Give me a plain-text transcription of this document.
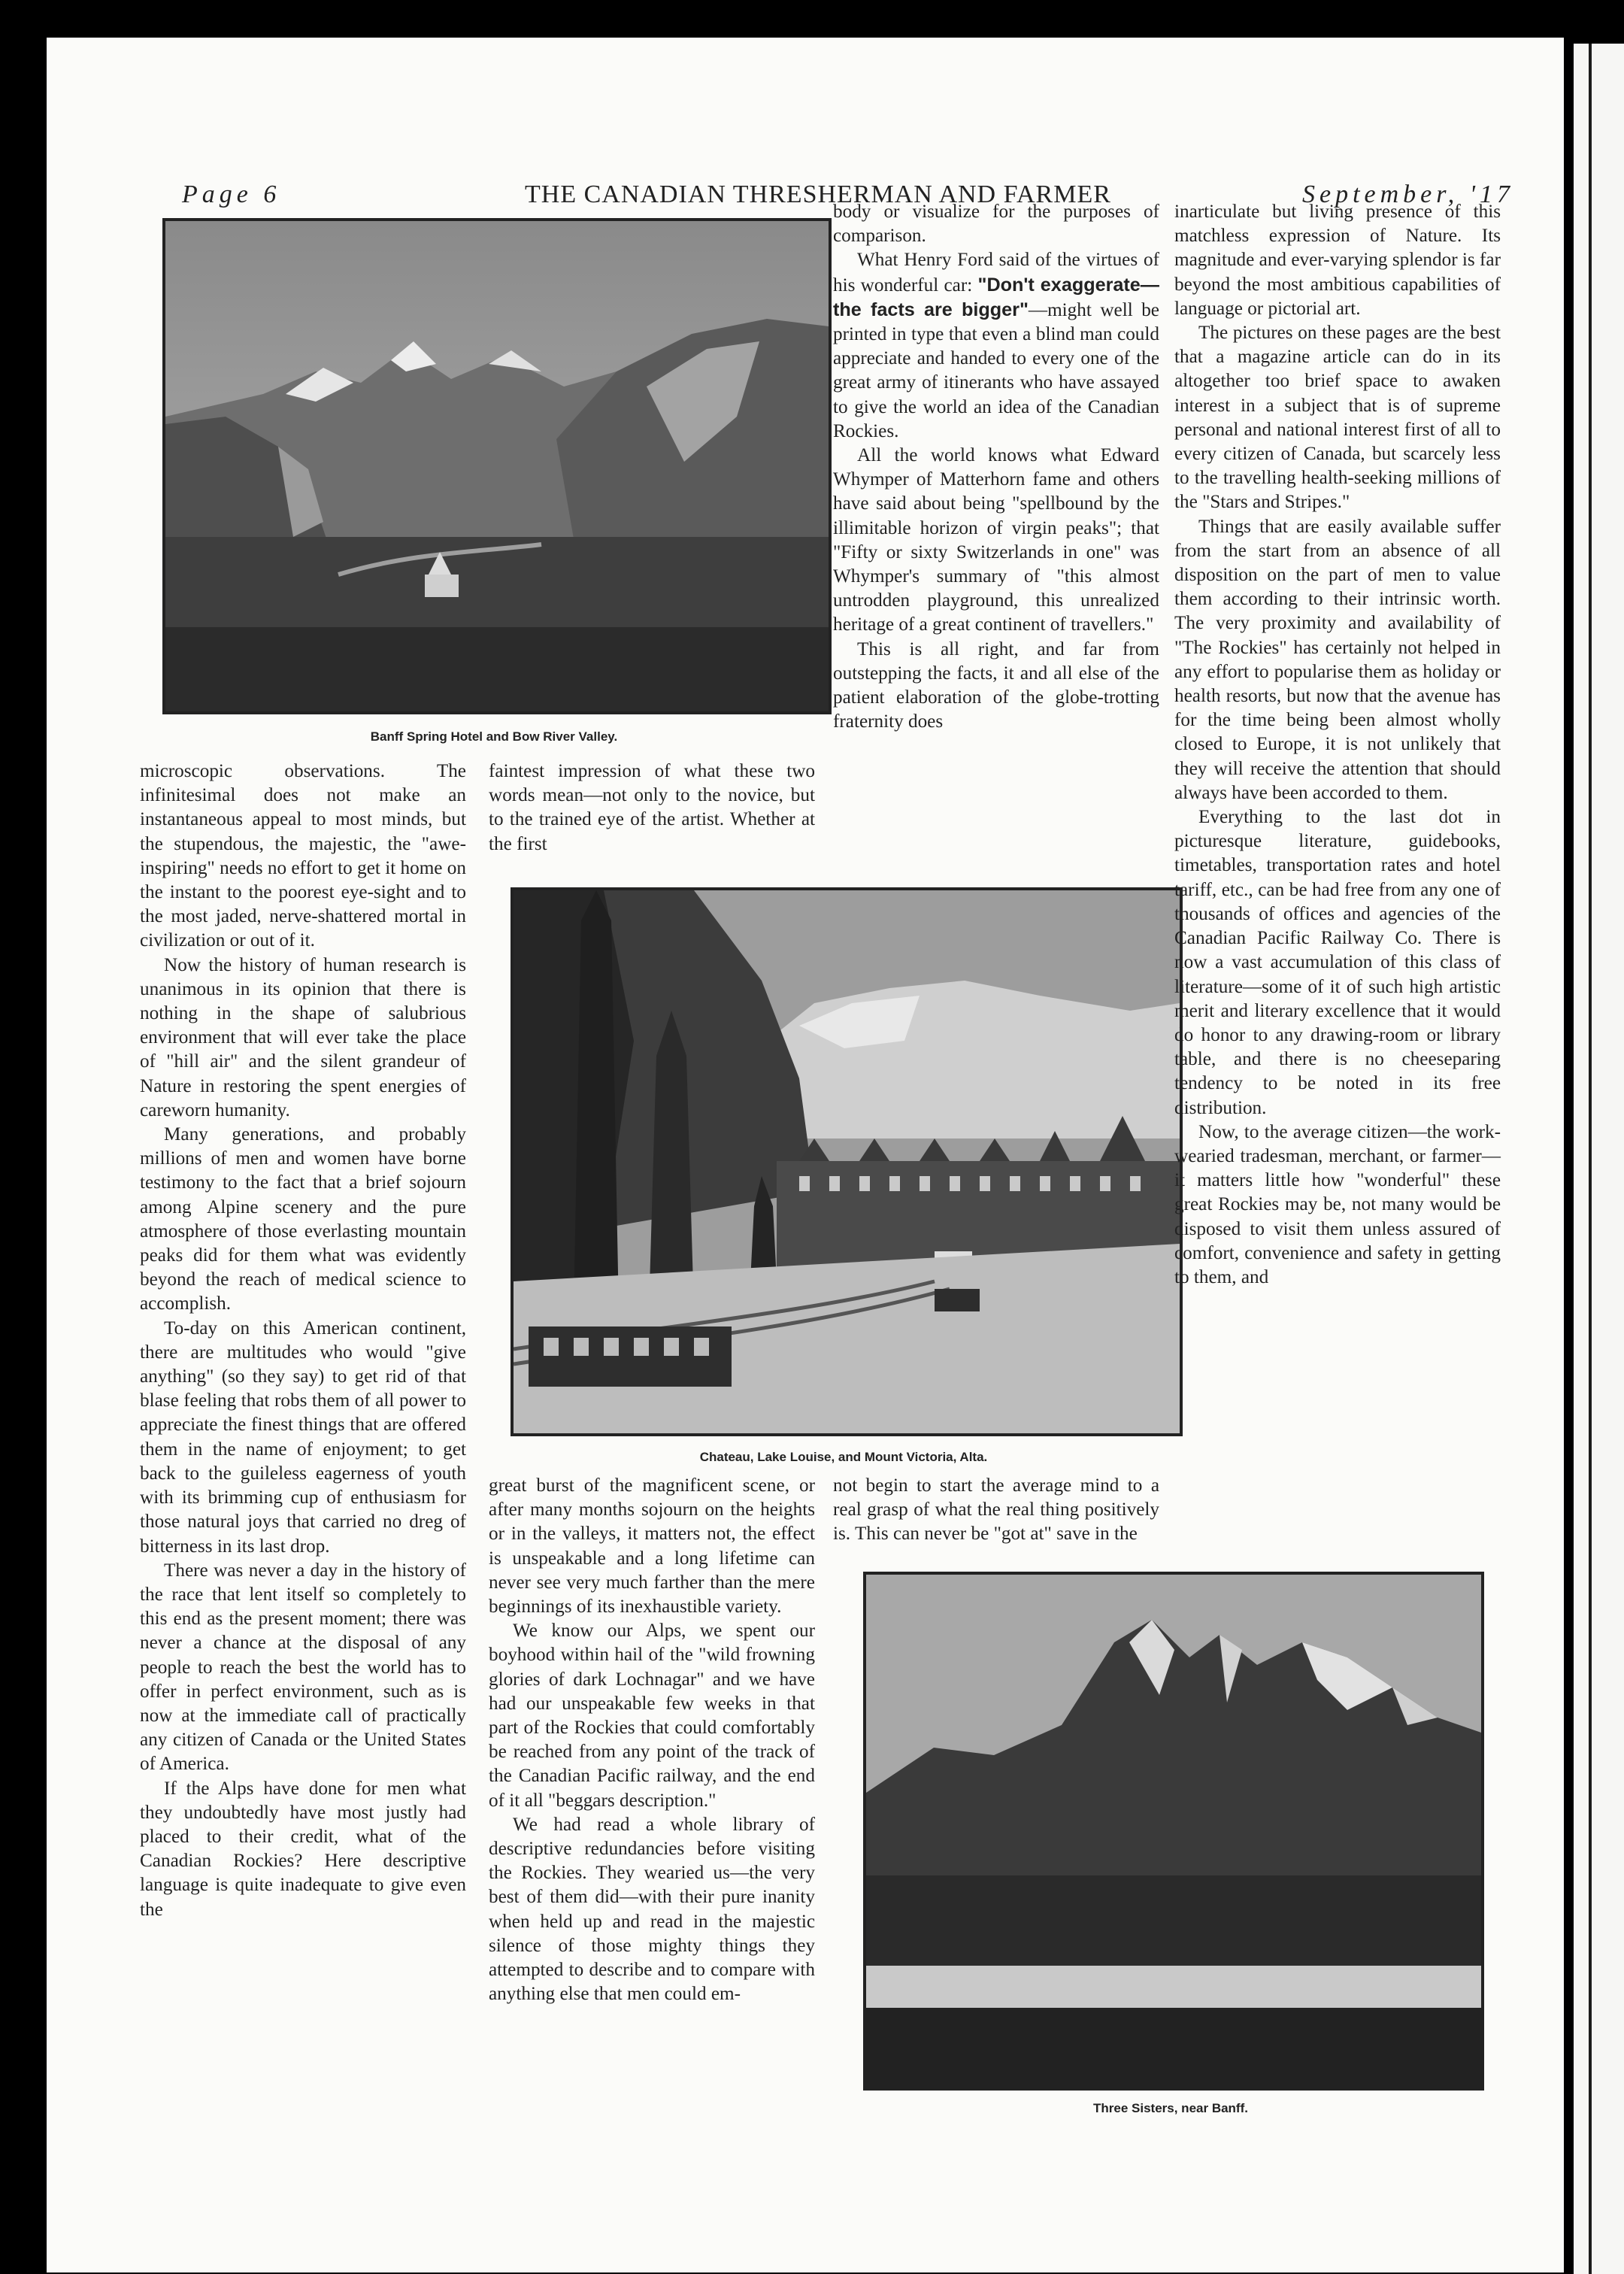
Page 6	THE CANADIAN THRESHERMAN AND FARMER	September, '17
Banff Spring Hotel and Bow River Valley.
Chateau, Lake Louise, and Mount Victoria, Alta.
Three Sisters, near Banff.

microscopic observations. The infinitesimal does not make an instantaneous appeal to most minds, but the stupendous, the majestic, the "awe-inspiring" needs no effort to get it home on the instant to the poorest eye-sight and to the most jaded, nerve-shattered mortal in civilization or out of it.

Now the history of human research is unanimous in its opinion that there is nothing in the shape of salubrious environment that will ever take the place of "hill air" and the silent grandeur of Nature in restoring the spent energies of careworn humanity.

Many generations, and probably millions of men and women have borne testimony to the fact that a brief sojourn among Alpine scenery and the pure atmosphere of those everlasting mountain peaks did for them what was evidently beyond the reach of medical science to accomplish.

To-day on this American continent, there are multitudes who would "give anything" (so they say) to get rid of that blase feeling that robs them of all power to appreciate the finest things that are offered them in the name of enjoyment; to get back to the guileless eagerness of youth with its brimming cup of enthusiasm for those natural joys that carried no dreg of bitterness in its last drop.

There was never a day in the history of the race that lent itself so completely to this end as the present moment; there was never a chance at the disposal of any people to reach the best the world has to offer in perfect environment, such as is now at the immediate call of practically any citizen of Canada or the United States of America.

If the Alps have done for men what they undoubtedly have most justly had placed to their credit, what of the Canadian Rockies? Here descriptive language is quite inadequate to give even the

faintest impression of what these two words mean—not only to the novice, but to the trained eye of the artist. Whether at the first

great burst of the magnificent scene, or after many months sojourn on the heights or in the valleys, it matters not, the effect is unspeakable and a long lifetime can never see very much farther than the mere beginnings of its inexhaustible variety.

We know our Alps, we spent our boyhood within hail of the "wild frowning glories of dark Lochnagar" and we have had our unspeakable few weeks in that part of the Rockies that could comfortably be reached from any point of the track of the Canadian Pacific railway, and the end of it all "beggars description."

We had read a whole library of descriptive redundancies before visiting the Rockies. They wearied us—the very best of them did—with their pure inanity when held up and read in the majestic silence of those mighty things they attempted to describe and to compare with anything else that men could em-

body or visualize for the purposes of comparison.

What Henry Ford said of the virtues of his wonderful car: "Don't exaggerate—the facts are bigger"—might well be printed in type that even a blind man could appreciate and handed to every one of the great army of itinerants who have assayed to give the world an idea of the Canadian Rockies.

All the world knows what Edward Whymper of Matterhorn fame and others have said about being "spellbound by the illimitable horizon of virgin peaks"; that "Fifty or sixty Switzerlands in one" was Whymper's summary of "this almost untrodden playground, this unrealized heritage of a great continent of travellers."

This is all right, and far from outstepping the facts, it and all else of the patient elaboration of the globe-trotting fraternity does

not begin to start the average mind to a real grasp of what the real thing positively is. This can never be "got at" save in the

inarticulate but living presence of this matchless expression of Nature. Its magnitude and ever-varying splendor is far beyond the most ambitious capabilities of language or pictorial art.

The pictures on these pages are the best that a magazine article can do in its altogether too brief space to awaken interest in a subject that is of supreme personal and national interest first of all to every citizen of Canada, but scarcely less to the travelling health-seeking millions of the "Stars and Stripes."

Things that are easily available suffer from the start from an absence of all disposition on the part of men to value them according to their intrinsic worth. The very proximity and availability of "The Rockies" has certainly not helped in any effort to popularise them as holiday or health resorts, but now that the avenue has for the time being been almost wholly closed to Europe, it is not unlikely that they will receive the attention that should always have been accorded to them.

Everything to the last dot in picturesque literature, guidebooks, timetables, transportation rates and hotel tariff, etc., can be had free from any one of thousands of offices and agencies of the Canadian Pacific Railway Co. There is now a vast accumulation of this class of literature—some of it of such high artistic merit and literary excellence that it would do honor to any drawing-room or library table, and there is no cheeseparing tendency to be noted in its free distribution.

Now, to the average citizen—the work-wearied tradesman, merchant, or farmer—it matters little how "wonderful" these great Rockies may be, not many would be disposed to visit them unless assured of comfort, convenience and safety in getting to them, and
